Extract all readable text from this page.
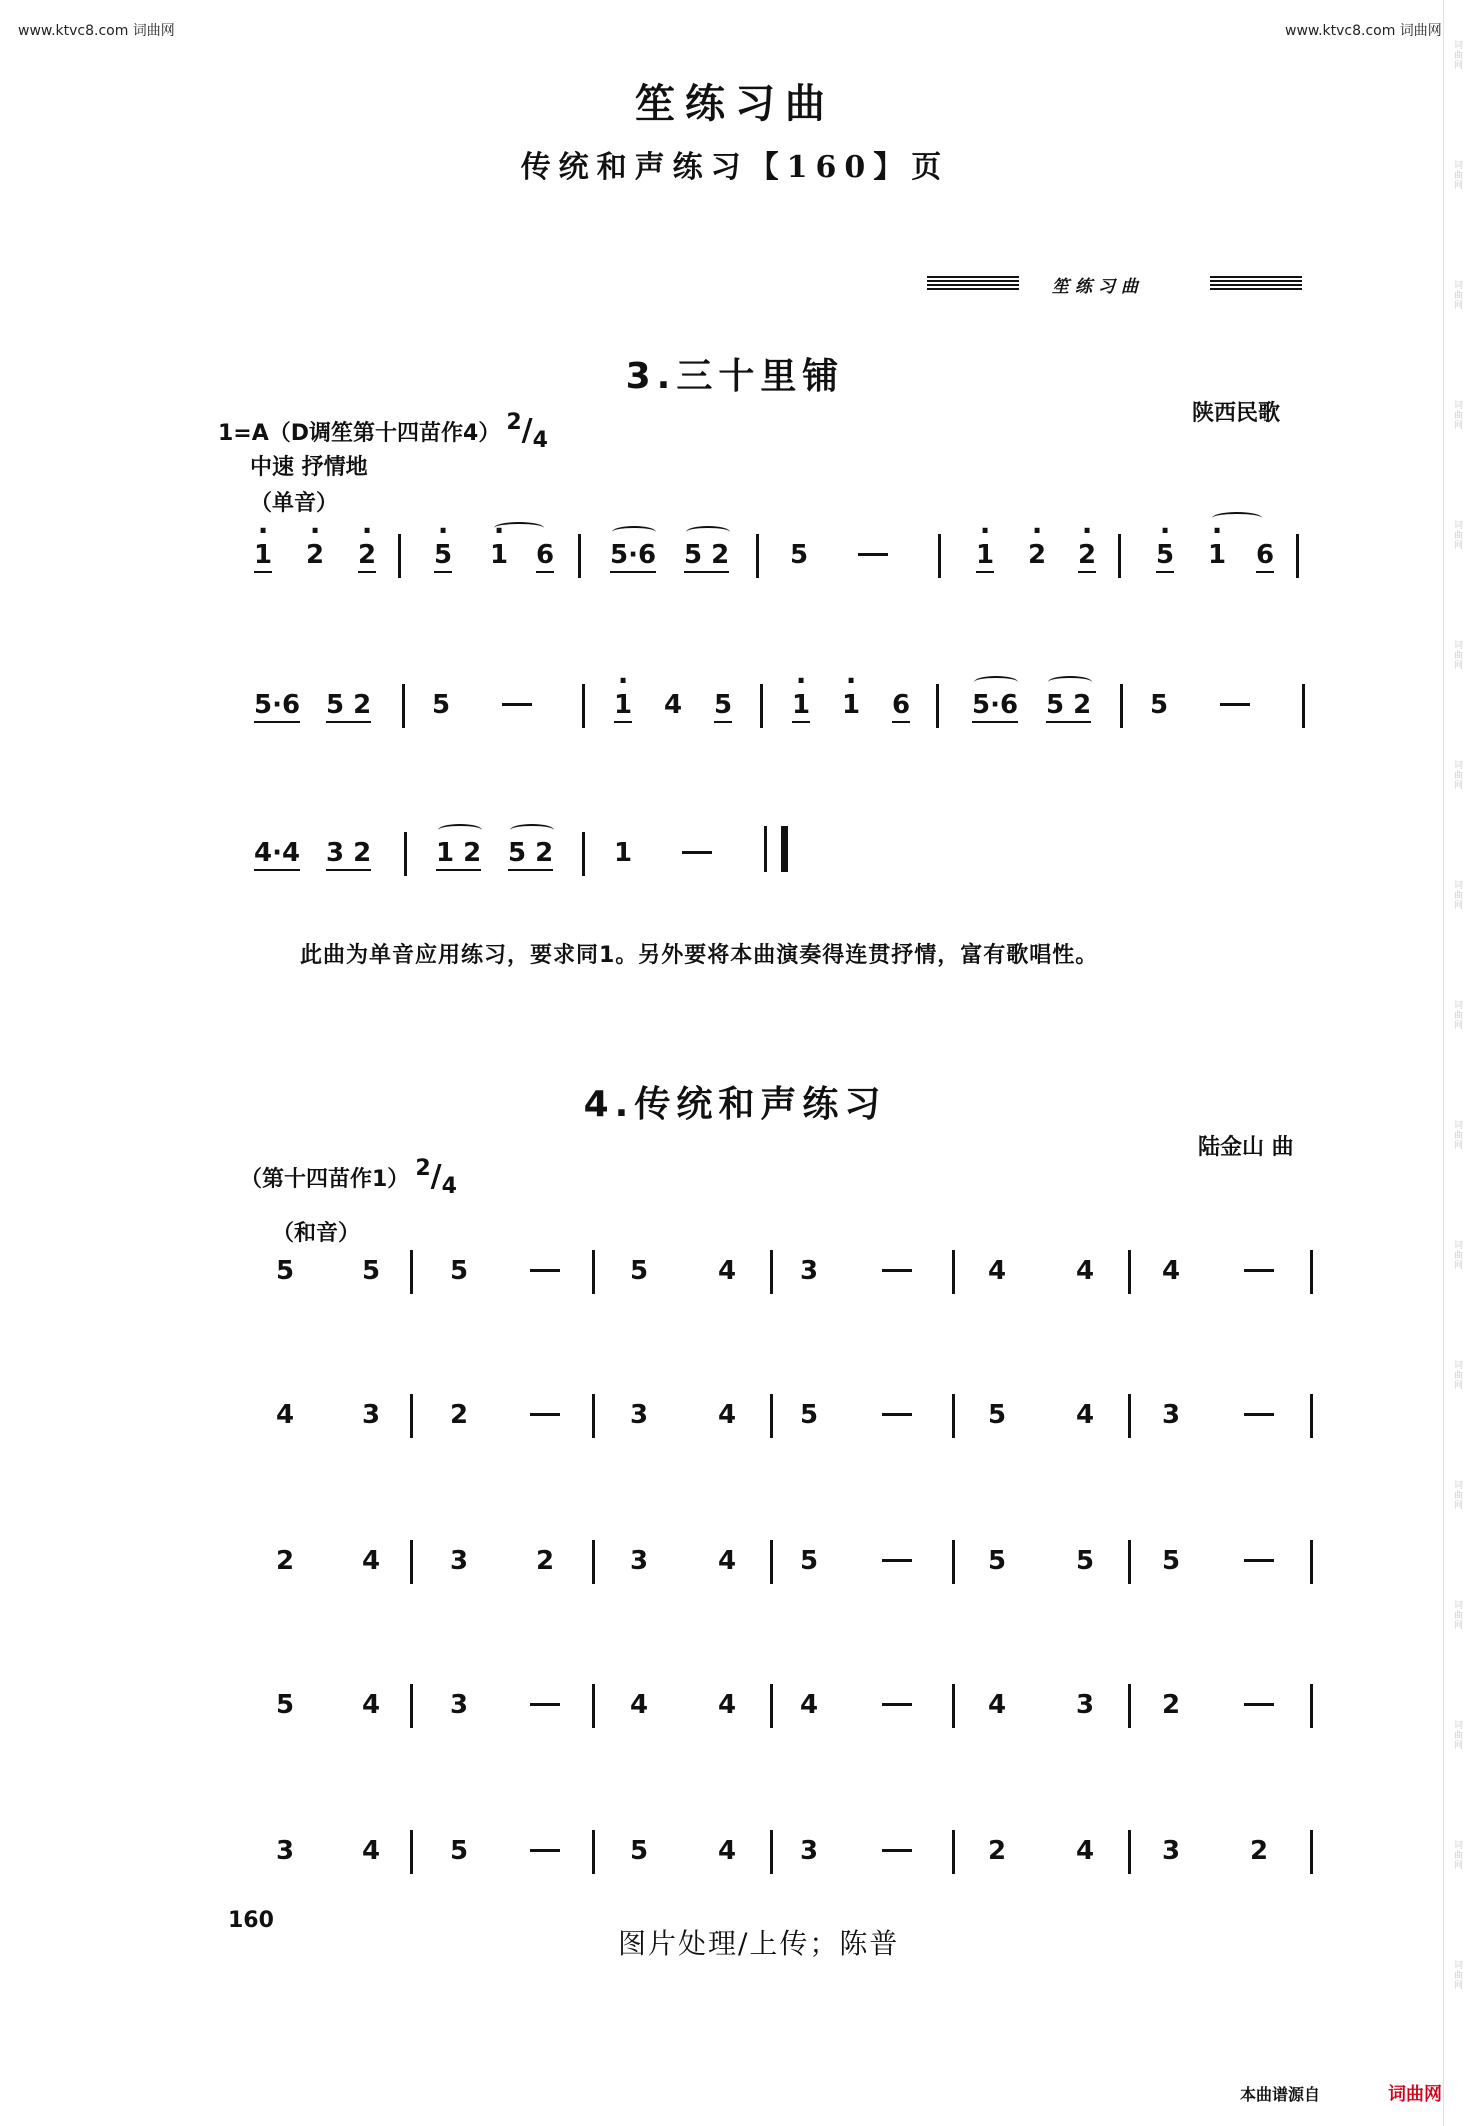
www.ktvc8.com 词曲网	www.ktvc8.com 词曲网
词曲网
词曲网
词曲网
词曲网
词曲网
词曲网
词曲网
词曲网
词曲网
词曲网
词曲网
词曲网
词曲网
词曲网
词曲网
词曲网
词曲网
笙练习曲
传统和声练习【160】页
笙练习曲
3.三十里铺
1=A（D调笙第十四苗作4） $^2/_4$
陕西民歌
中速 抒情地
（单音）
· 1 · 2 · 2 · 5 · 1 6 5·6 5 2 5	· 1 · 2 · 2 · 5 · 1 6
5·6 5 2 5	· 1 4 5 · 1 · 1 6 5·6 5 2 5
4·4 3 2 1 2 5 2 1
此曲为单音应用练习，要求同1。另外要将本曲演奏得连贯抒情，富有歌唱性。
4.传统和声练习
陆金山 曲
（第十四苗作1） $^2/_4$
（和音）
5	5	5	5	4 3	4	4	4
4	3	2	3	4 5	5	4	3
2	4	3	2	3	4 5	5	5	5
5	4	3	4	4 4	4	3	2
3	4	5	5	4 3	2	4	3	2
160
图片处理/上传；陈普
本曲谱源自	词曲网
